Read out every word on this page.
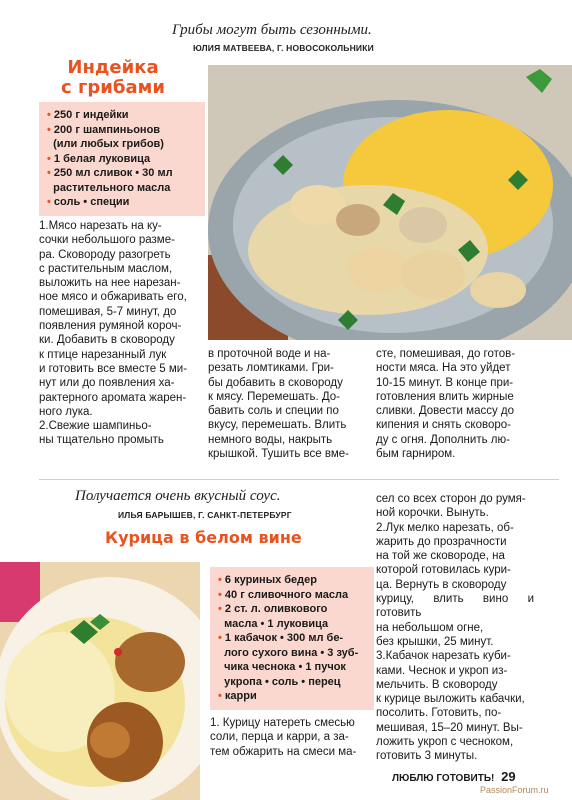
Грибы могут быть сезонными.
ЮЛИЯ МАТВЕЕВА, Г. НОВОСОКОЛЬНИКИ
Индейка
с грибами
• 250 г индейки
• 200 г шампиньонов
(или любых грибов)
• 1 белая луковица
• 250 мл сливок • 30 мл
растительного масла
• соль • специи
1.Мясо нарезать на ку-
сочки небольшого разме-
ра. Сковороду разогреть
с растительным маслом,
выложить на нее нарезан-
ное мясо и обжаривать его,
помешивая, 5-7 минут, до
появления румяной короч-
ки. Добавить в сковороду
к птице нарезанный лук
и готовить все вместе 5 ми-
нут или до появления ха-
рактерного аромата жарен-
ного лука.
2.Свежие шампиньо-
ны тщательно промыть
в проточной воде и на-
резать ломтиками. Гри-
бы добавить в сковороду
к мясу. Перемешать. До-
бавить соль и специи по
вкусу, перемешать. Влить
немного воды, накрыть
крышкой. Тушить все вме-
сте, помешивая, до готов-
ности мяса. На это уйдет
10-15 минут. В конце при-
готовления влить жирные
сливки. Довести массу до
кипения и снять сковоро-
ду с огня. Дополнить лю-
бым гарниром.
Получается очень вкусный соус.
ИЛЬЯ БАРЫШЕВ, Г. САНКТ-ПЕТЕРБУРГ
Курица в белом вине
• 6 куриных бедер
• 40 г сливочного масла
• 2 ст. л. оливкового
масла • 1 луковица
• 1 кабачок • 300 мл бе-
лого сухого вина • 3 зуб-
чика чеснока • 1 пучок
укропа • соль • перец
• карри
1. Курицу натереть смесью
соли, перца и карри, а за-
тем обжарить на смеси ма-
сел со всех сторон до румя-
ной корочки. Вынуть.
2.Лук мелко нарезать, об-
жарить до прозрачности
на той же сковороде, на
которой готовилась кури-
ца. Вернуть в сковороду
курицу, влить вино и готовить
на небольшом огне,
без крышки, 25 минут.
3.Кабачок нарезать куби-
ками. Чеснок и укроп из-
мельчить. В сковороду
к курице выложить кабачки,
посолить. Готовить, по-
мешивая, 15–20 минут. Вы-
ложить укроп с чесноком,
готовить 3 минуты.
ЛЮБЛЮ ГОТОВИТЬ! 29
PassionForum.ru
